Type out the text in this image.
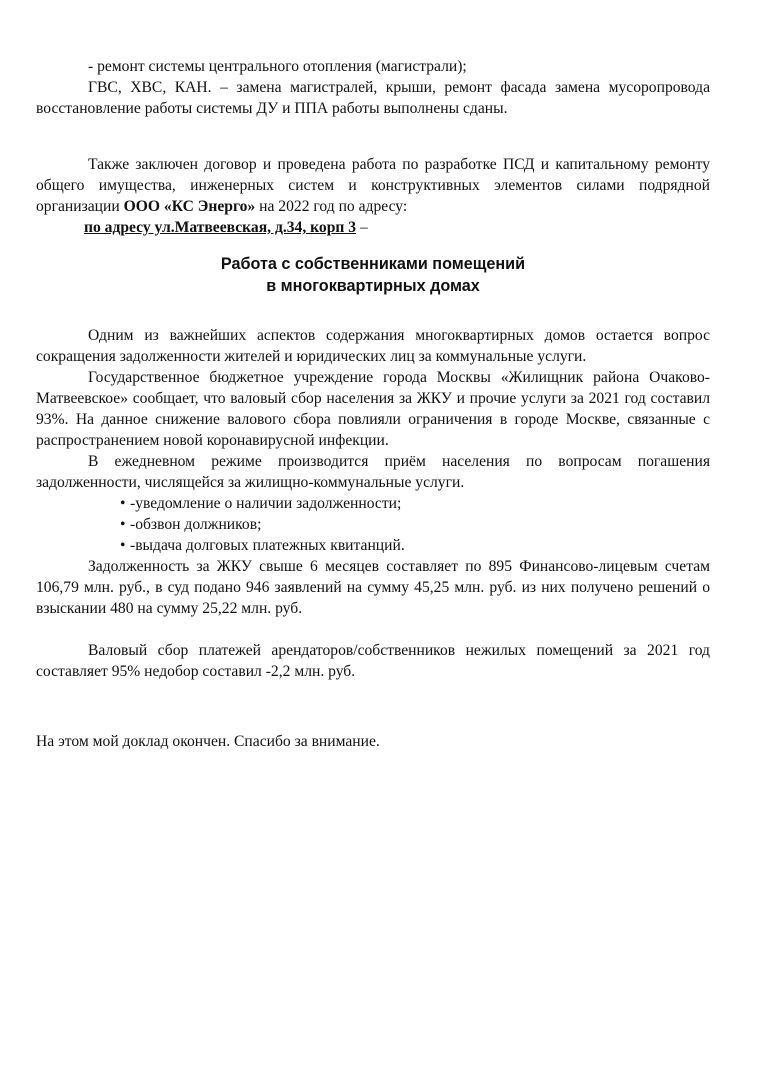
- ремонт системы центрального отопления (магистрали);

ГВС, ХВС, КАН. – замена магистралей, крыши, ремонт фасада замена мусоропровода восстановление работы системы ДУ и ППА работы выполнены сданы.

Также заключен договор и проведена работа по разработке ПСД и капитальному ремонту общего имущества, инженерных систем и конструктивных элементов силами подрядной организации ООО «КС Энерго» на 2022 год по адресу:

по адресу ул.Матвеевская, д.34, корп 3 –

Работа с собственниками помещений

в многоквартирных домах

Одним из важнейших аспектов содержания многоквартирных домов остается вопрос сокращения задолженности жителей и юридических лиц за коммунальные услуги.

Государственное бюджетное учреждение города Москвы «Жилищник района Очаково-Матвеевское» сообщает, что валовый сбор населения за ЖКУ и прочие услуги за 2021 год составил 93%. На данное снижение валового сбора повлияли ограничения в городе Москве, связанные с распространением новой коронавирусной инфекции.

В ежедневном режиме производится приём населения по вопросам погашения задолженности, числящейся за жилищно-коммунальные услуги.

• -уведомление о наличии задолженности;

• -обзвон должников;

• -выдача долговых платежных квитанций.

Задолженность за ЖКУ свыше 6 месяцев составляет по 895 Финансово-лицевым счетам 106,79 млн. руб., в суд подано 946 заявлений на сумму 45,25 млн. руб. из них получено решений о взыскании 480 на сумму 25,22 млн. руб.

Валовый сбор платежей арендаторов/собственников нежилых помещений за 2021 год составляет 95% недобор составил -2,2 млн. руб.

На этом мой доклад окончен. Спасибо за внимание.
